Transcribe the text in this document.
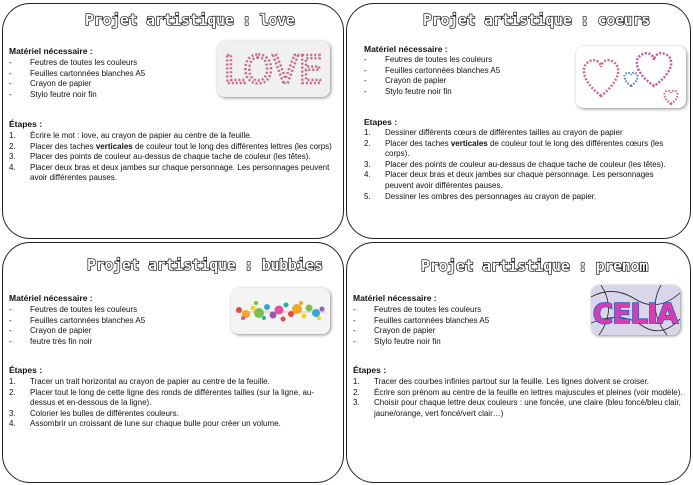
Projet artistique : love
LOVE
Matériel nécessaire :
- Feutres de toutes les couleurs
- Feuilles cartonnées blanches A5
- Crayon de papier
- Stylo feutre noir fin
Étapes :
1. Écrire le mot : love, au crayon de papier au centre de la feuille.
2. Placer des taches verticales de couleur tout le long des différentes lettres (les corps)
3. Placer des points de couleur au-dessus de chaque tache de couleur (les têtes).
4. Placer deux bras et deux jambes sur chaque personnage. Les personnages peuvent avoir différentes pauses.
Projet artistique : coeurs
Matériel nécessaire :
- Feutres de toutes les couleurs
- Feuilles cartonnées blanches A5
- Crayon de papier
- Stylo feutre noir fin
Etapes :
1. Dessiner différents cœurs de différentes tailles au crayon de papier
2. Placer des taches verticales de couleur tout le long des différentes cœurs (les corps).
3. Placer des points de couleur au-dessus de chaque tache de couleur (les têtes).
4. Placer deux bras et deux jambes sur chaque personnage. Les personnages peuvent avoir différentes pauses.
5. Dessiner les ombres des personnages au crayon de papier.
Projet artistique : bubbies
Matériel nécessaire :
- Feutres de toutes les couleurs
- Feuilles cartonnées blanches A5
- Crayon de papier
- feutre très fin noir
Étapes :
1. Tracer un trait horizontal au crayon de papier au centre de la feuille.
2. Placer tout le long de cette ligne des ronds de différentes tailles (sur la ligne, au-dessus et en-dessous de la ligne).
3. Colorier les bulles de différentes couleurs.
4. Assombrir un croissant de lune sur chaque bulle pour créer un volume.
Projet artistique : prenom
CELIA
Matériel nécessaire :
- Feutres de toutes les couleurs
- Feuilles cartonnées blanches A5
- Crayon de papier
- Stylo feutre noir fin
Étapes :
1. Tracer des courbes infinies partout sur la feuille. Les lignes doivent se croiser.
2. Écrire son prénom au centre de la feuille en lettres majuscules et pleines (voir modèle).
3. Choisir pour chaque lettre deux couleurs : une foncée, une claire (bleu foncé/bleu clair, jaune/orange, vert foncé/vert clair…)
